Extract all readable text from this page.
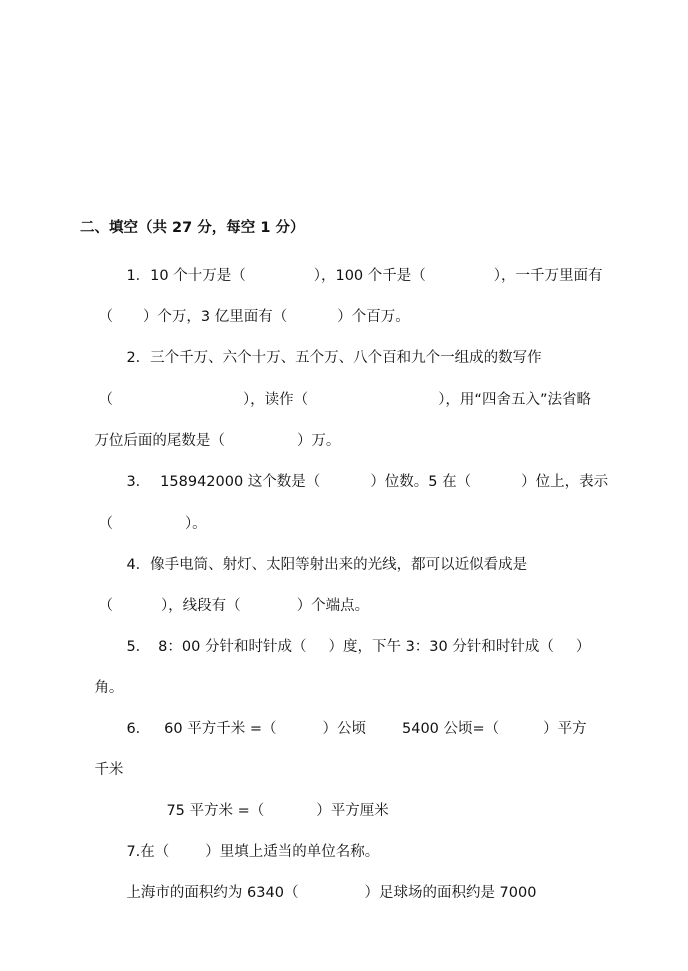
二、填空（共 27 分，每空 1 分）

1．10 个十万是（	），100 个千是（	），一千万里面有

（ ）个万，3 亿里面有（	）个百万。

2．三个千万、六个十万、五个万、八个百和九个一组成的数写作

（	），读作（	），用“四舍五入”法省略

万位后面的尾数是（	）万。

3． 158942000 这个数是（	）位数。5 在（	）位上，表示

（	）。

4．像手电筒、射灯、太阳等射出来的光线，都可以近似看成是

（	），线段有（	）个端点。

5． 8：00 分针和时针成（ ）度，下午 3：30 分针和时针成（ ）

角。

6． 60 平方千米 =（	）公顷 5400 公顷=（	）平方

千米

75 平方米 =（	）平方厘米

7.在（ ）里填上适当的单位名称。

上海市的面积约为 6340（	）足球场的面积约是 7000
